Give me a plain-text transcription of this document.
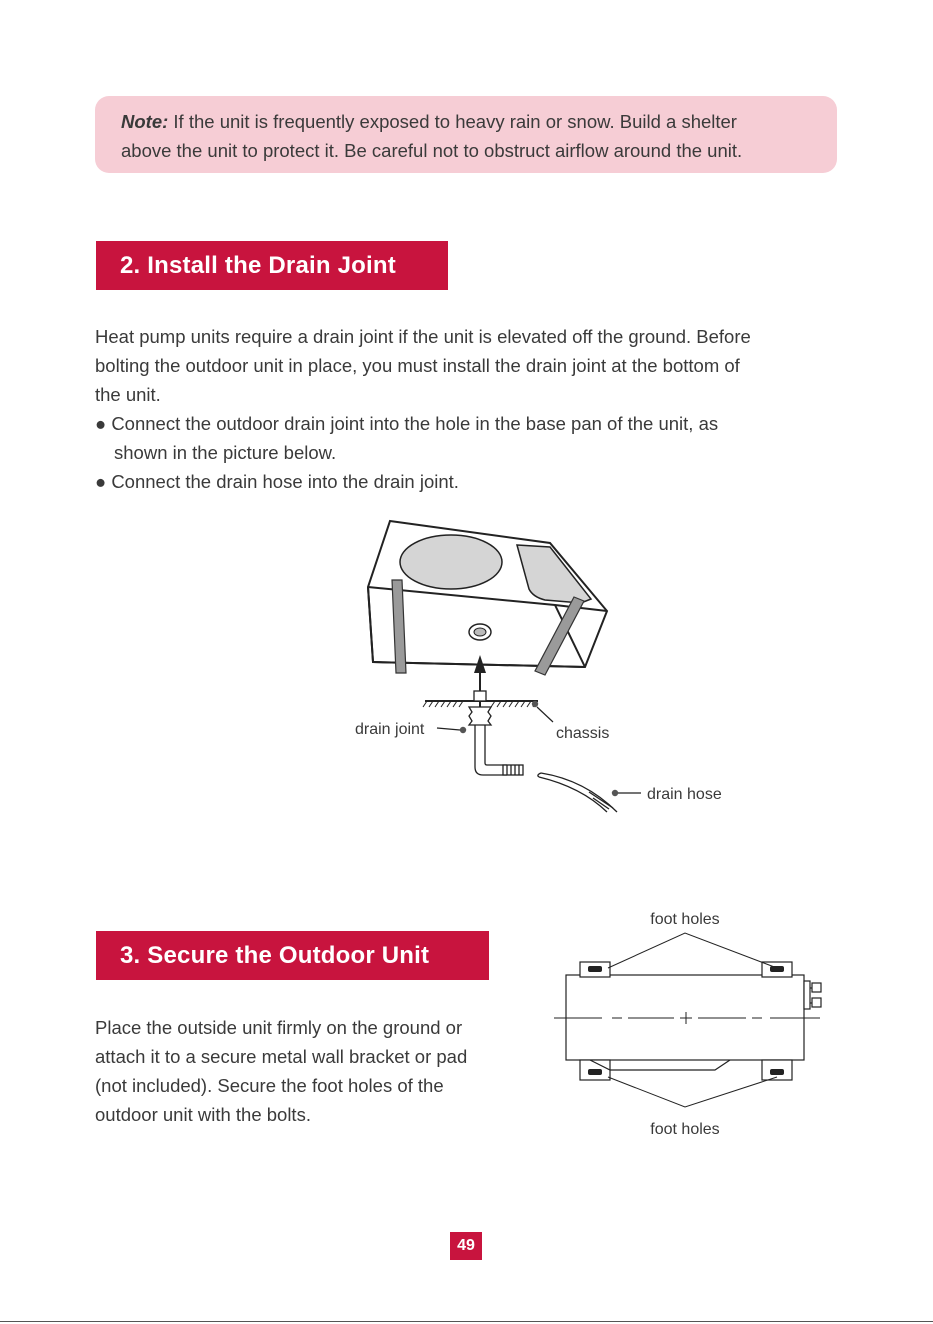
Note: If the unit is frequently exposed to heavy rain or snow. Build a shelter
above the unit to protect it. Be careful not to obstruct airflow around the unit.
2. Install the Drain Joint
Heat pump units require a drain joint if the unit is elevated off the ground. Before
bolting the outdoor unit in place, you must install the drain joint at the bottom of
the unit.
● Connect the outdoor drain joint into the hole in the base pan of the unit, as
shown in the picture below.
● Connect the drain hose into the drain joint.
drain joint	chassis
drain hose
3. Secure the Outdoor Unit
Place the outside unit firmly on the ground or
attach it to a secure metal wall bracket or pad
(not included). Secure the foot holes of the
outdoor unit with the bolts.
foot holes
foot holes
49
